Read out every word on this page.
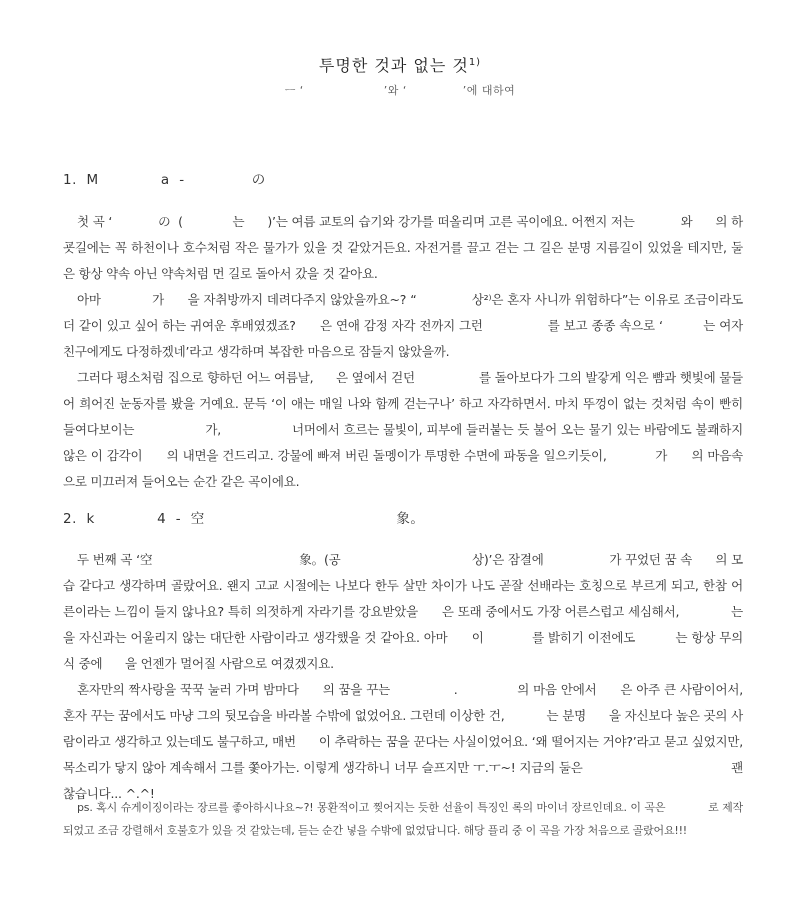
투명한 것과 없는 것$^{1)}$
ㅡ ‘                    ’와 ‘              ’에 대하여
1.  M             a  -              の

첫 곡 ‘            の  (             는      )’는 여름 교토의 습기와 강가를 떠올리며 고른 곡이에요. 어쩐지 저는            와      의 하굣길에는 꼭 하천이나 호수처럼 작은 물가가 있을 것 같았거든요. 자전거를 끌고 걷는 그 길은 분명 지름길이 있었을 테지만, 둘은 항상 약속 아닌 약속처럼 먼 길로 돌아서 갔을 것 같아요.

아마             가      을 자취방까지 데려다주지 않았을까요~? “              상²⁾은 혼자 사니까 위험하다”는 이유로 조금이라도 더 같이 있고 싶어 하는 귀여운 후배였겠죠?      은 연애 감정 자각 전까지 그런                를 보고 종종 속으로 ‘          는 여자 친구에게도 다정하겠네’라고 생각하며 복잡한 마음으로 잠들지 않았을까.

그러다 평소처럼 집으로 향하던 어느 여름날,      은 옆에서 걷던                 를 돌아보다가 그의 발갛게 익은 뺨과 햇빛에 물들어 희어진 눈동자를 봤을 거예요. 문득 ‘이 애는 매일 나와 함께 걷는구나’ 하고 자각하면서. 마치 뚜껑이 없는 것처럼 속이 빤히 들여다보이는                  가,                  너머에서 흐르는 물빛이, 피부에 들러붙는 듯 불어 오는 물기 있는 바람에도 불쾌하지 않은 이 감각이      의 내면을 건드리고. 강물에 빠져 버린 돌멩이가 투명한 수면에 파동을 일으키듯이,            가      의 마음속으로 미끄러져 들어오는 순간 같은 곡이에요.

2.  k             4  -  空                                        象。

두 번째 곡 ‘空                                      象。(공                                  상)’은 잠결에                 가 꾸었던 꿈 속      의 모습 같다고 생각하며 골랐어요. 왠지 고교 시절에는 나보다 한두 살만 차이가 나도 곧잘 선배라는 호칭으로 부르게 되고, 한참 어른이라는 느낌이 들지 않나요? 특히 의젓하게 자라기를 강요받았을      은 또래 중에서도 가장 어른스럽고 세심해서,             는      을 자신과는 어울리지 않는 대단한 사람이라고 생각했을 것 같아요. 아마      이            를 밝히기 이전에도          는 항상 무의식 중에      을 언젠가 멀어질 사람으로 여겼겠지요.

혼자만의 짝사랑을 꾹꾹 눌러 가며 밤마다      의 꿈을 꾸는                .               의 마음 안에서      은 아주 큰 사람이어서, 혼자 꾸는 꿈에서도 마냥 그의 뒷모습을 바라볼 수밖에 없었어요. 그런데 이상한 건,           는 분명      을 자신보다 높은 곳의 사람이라고 생각하고 있는데도 불구하고, 매번      이 추락하는 꿈을 꾼다는 사실이었어요. ‘왜 떨어지는 거야?’라고 묻고 싶었지만, 목소리가 닿지 않아 계속해서 그를 쫓아가는. 이렇게 생각하니 너무 슬프지만 ㅜ.ㅜ~! 지금의 둘은                                       괜찮습니다... ^.^!

ps. 혹시 슈게이징이라는 장르를 좋아하시나요~?! 몽환적이고 찢어지는 듯한 선율이 특징인 록의 마이너 장르인데요. 이 곡은            로 제작되었고 조금 강렬해서 호불호가 있을 것 같았는데, 듣는 순간 넣을 수밖에 없었답니다. 해당 플리 중 이 곡을 가장 처음으로 골랐어요!!!
